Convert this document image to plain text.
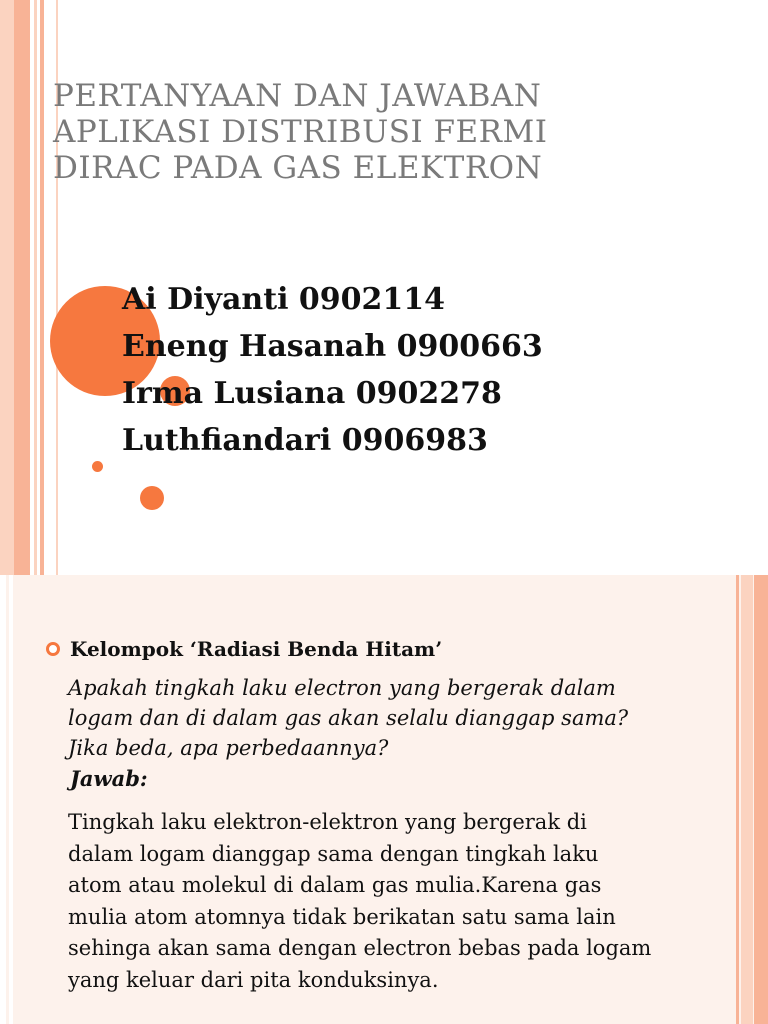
PERTANYAAN DAN JAWABAN
APLIKASI DISTRIBUSI FERMI
DIRAC PADA GAS ELEKTRON
Ai Diyanti 0902114
Eneng Hasanah 0900663
Irma Lusiana 0902278
Luthfiandari 0906983
Kelompok ‘Radiasi Benda Hitam’
Apakah tingkah laku electron yang bergerak dalam
logam dan di dalam gas akan selalu dianggap sama?
Jika beda, apa perbedaannya?
Jawab:
Tingkah laku elektron-elektron yang bergerak di
dalam logam dianggap sama dengan tingkah laku
atom atau molekul di dalam gas mulia.Karena gas
mulia atom atomnya tidak berikatan satu sama lain
sehinga akan sama dengan electron bebas pada logam
yang keluar dari pita konduksinya.
